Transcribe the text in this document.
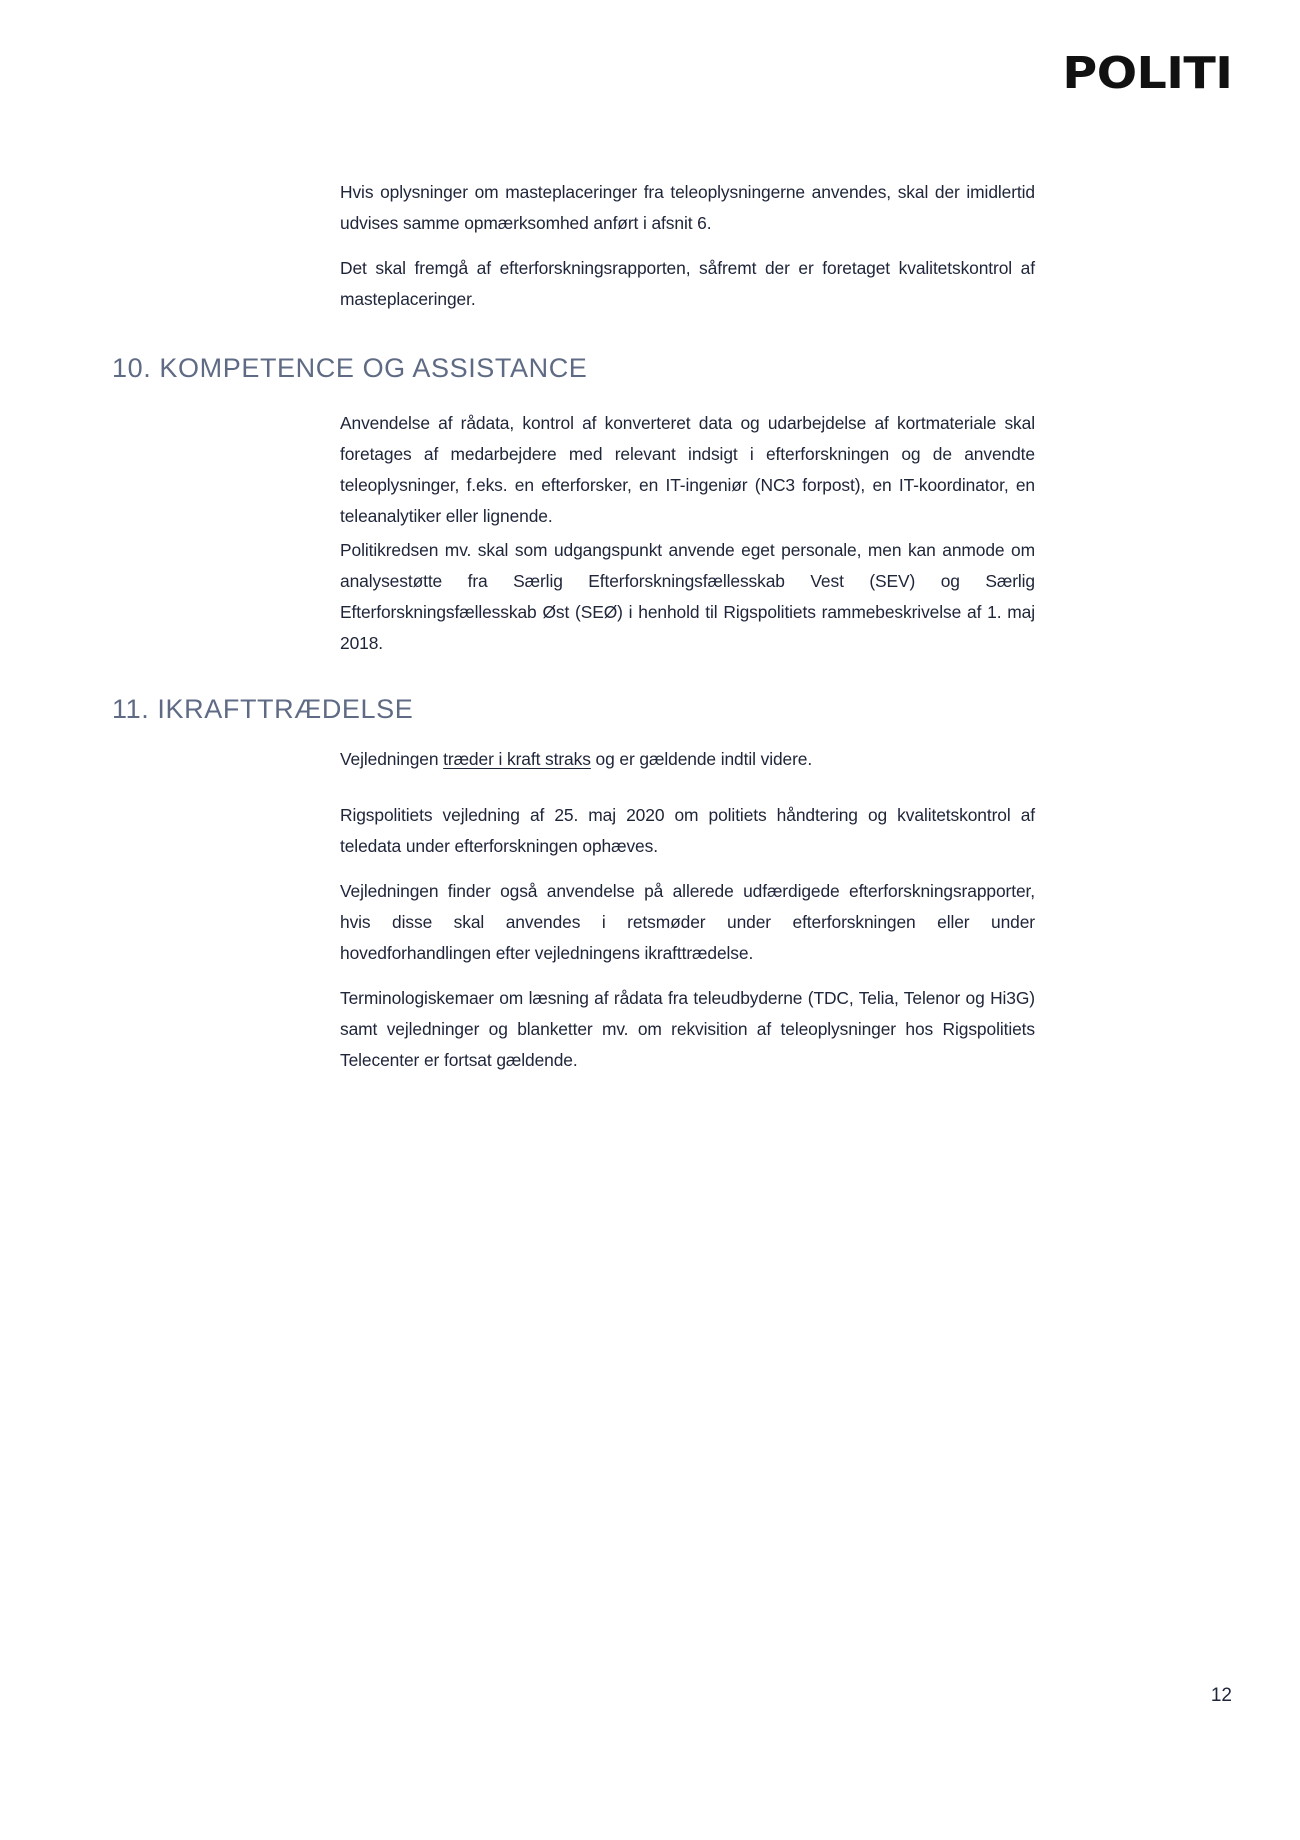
POLITI

Hvis oplysninger om masteplaceringer fra teleoplysningerne anvendes, skal der imidlertid udvises samme opmærksomhed anført i afsnit 6.

Det skal fremgå af efterforskningsrapporten, såfremt der er foretaget kvalitetskontrol af masteplaceringer.

10. KOMPETENCE OG ASSISTANCE

Anvendelse af rådata, kontrol af konverteret data og udarbejdelse af kortmateriale skal foretages af medarbejdere med relevant indsigt i efterforskningen og de anvendte teleoplysninger, f.eks. en efterforsker, en IT-ingeniør (NC3 forpost), en IT-koordinator, en teleanalytiker eller lignende.

Politikredsen mv. skal som udgangspunkt anvende eget personale, men kan anmode om analysestøtte fra Særlig Efterforskningsfællesskab Vest (SEV) og Særlig Efterforskningsfællesskab Øst (SEØ) i henhold til Rigspolitiets rammebeskrivelse af 1. maj 2018.

11. IKRAFTTRÆDELSE

Vejledningen træder i kraft straks og er gældende indtil videre.

Rigspolitiets vejledning af 25. maj 2020 om politiets håndtering og kvalitetskontrol af teledata under efterforskningen ophæves.

Vejledningen finder også anvendelse på allerede udfærdigede efterforskningsrapporter, hvis disse skal anvendes i retsmøder under efterforskningen eller under hovedforhandlingen efter vejledningens ikrafttrædelse.

Terminologiskemaer om læsning af rådata fra teleudbyderne (TDC, Telia, Telenor og Hi3G) samt vejledninger og blanketter mv. om rekvisition af teleoplysninger hos Rigspolitiets Telecenter er fortsat gældende.

12
